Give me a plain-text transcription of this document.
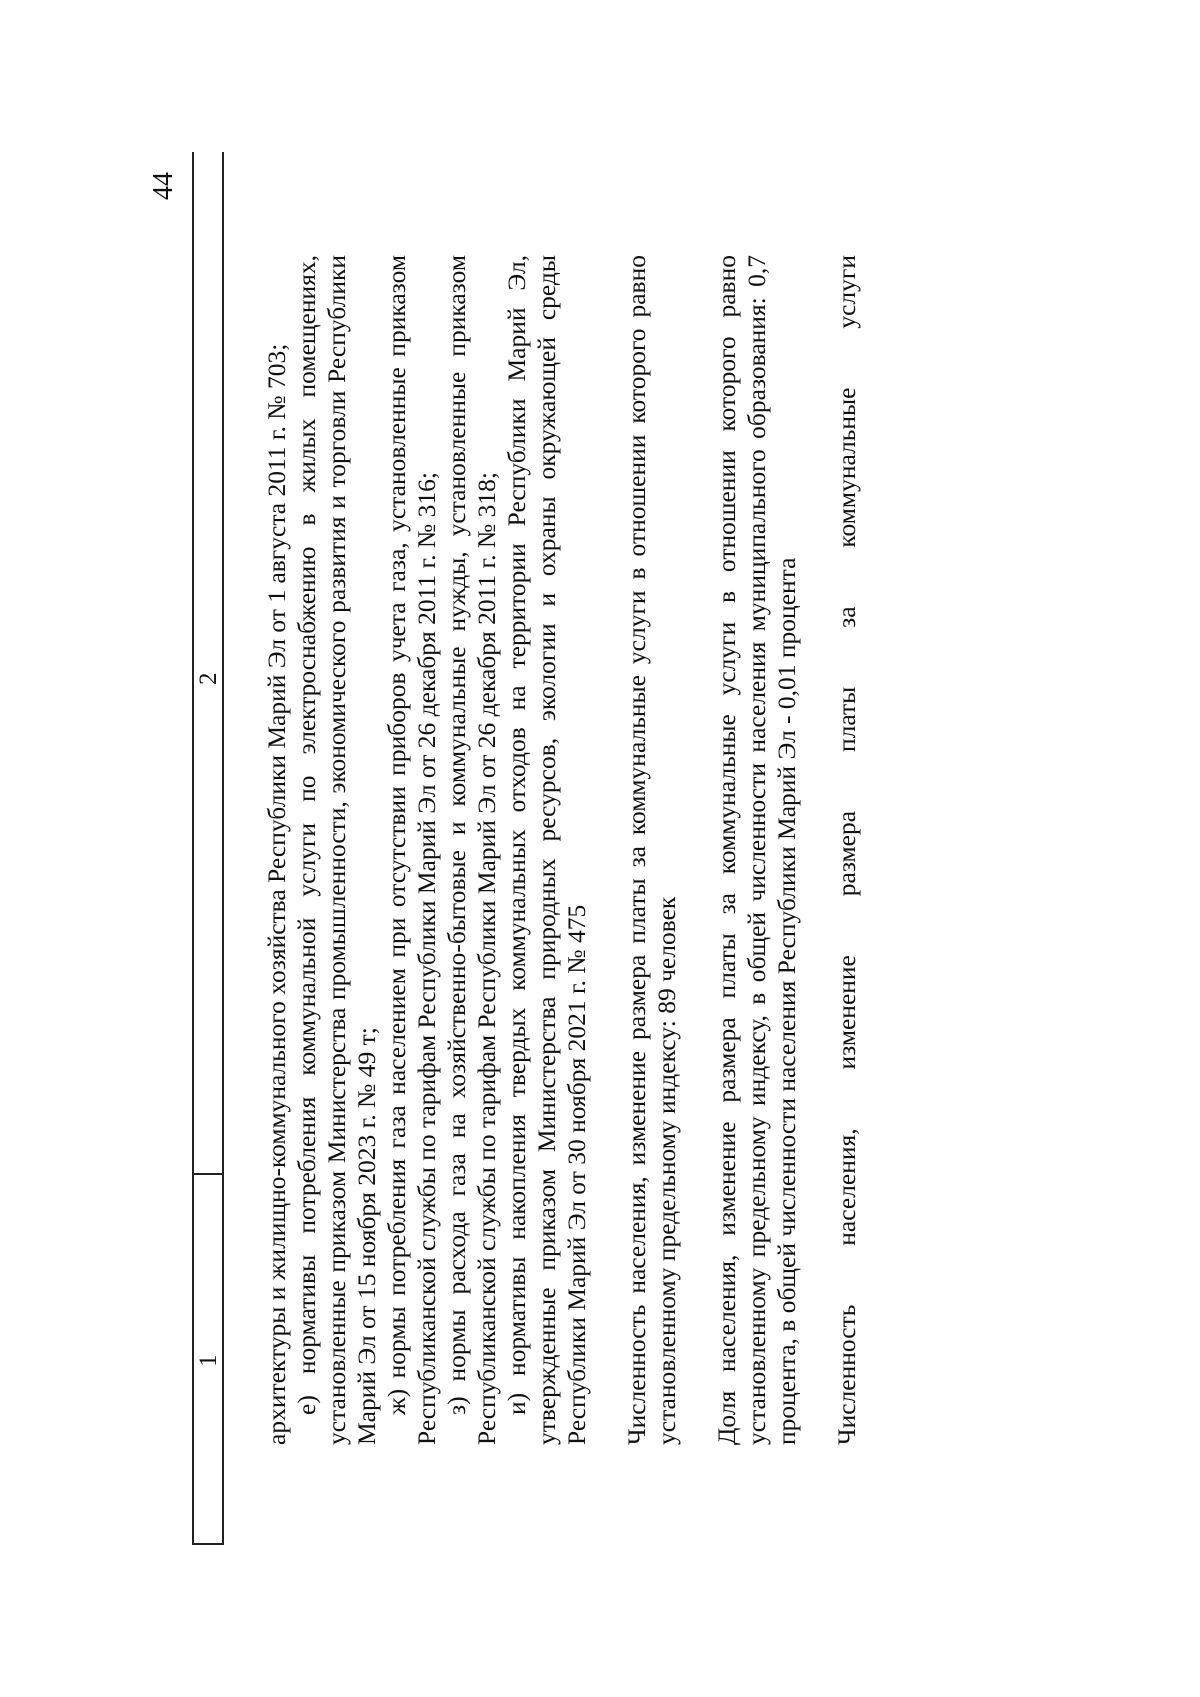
44
1
2 архитектуры и жилищно-коммунального хозяйства Республики Марий Эл от 1 августа 2011 г. № 703; е) нормативы потребления коммунальной услуги по электроснабжению в жилых помещениях, установленные приказом Министерства промышленности, экономического развития и торговли Республики Марий Эл от 15 ноября 2023 г. № 49 т; ж) нормы потребления газа населением при отсутствии приборов учета газа, установленные приказом Республиканской службы по тарифам Республики Марий Эл от 26 декабря 2011 г. № 316; з) нормы расхода газа на хозяйственно-бытовые и коммунальные нужды, установленные приказом Республиканской службы по тарифам Республики Марий Эл от 26 декабря 2011 г. № 318; и) нормативы накопления твердых коммунальных отходов на территории Республики Марий Эл, утвержденные приказом Министерства природных ресурсов, экологии и охраны окружающей среды Республики Марий Эл от 30 ноября 2021 г. № 475 Численность населения, изменение размера платы за коммунальные услуги в отношении которого равно установленному предельному индексу: 89 человек Доля населения, изменение размера платы за коммунальные услуги в отношении которого равно установленному предельному индексу, в общей численности населения муниципального образования: 0,7 процента, в общей численности населения Республики Марий Эл - 0,01 процента Численность населения, изменение размера платы за коммунальные услуги
